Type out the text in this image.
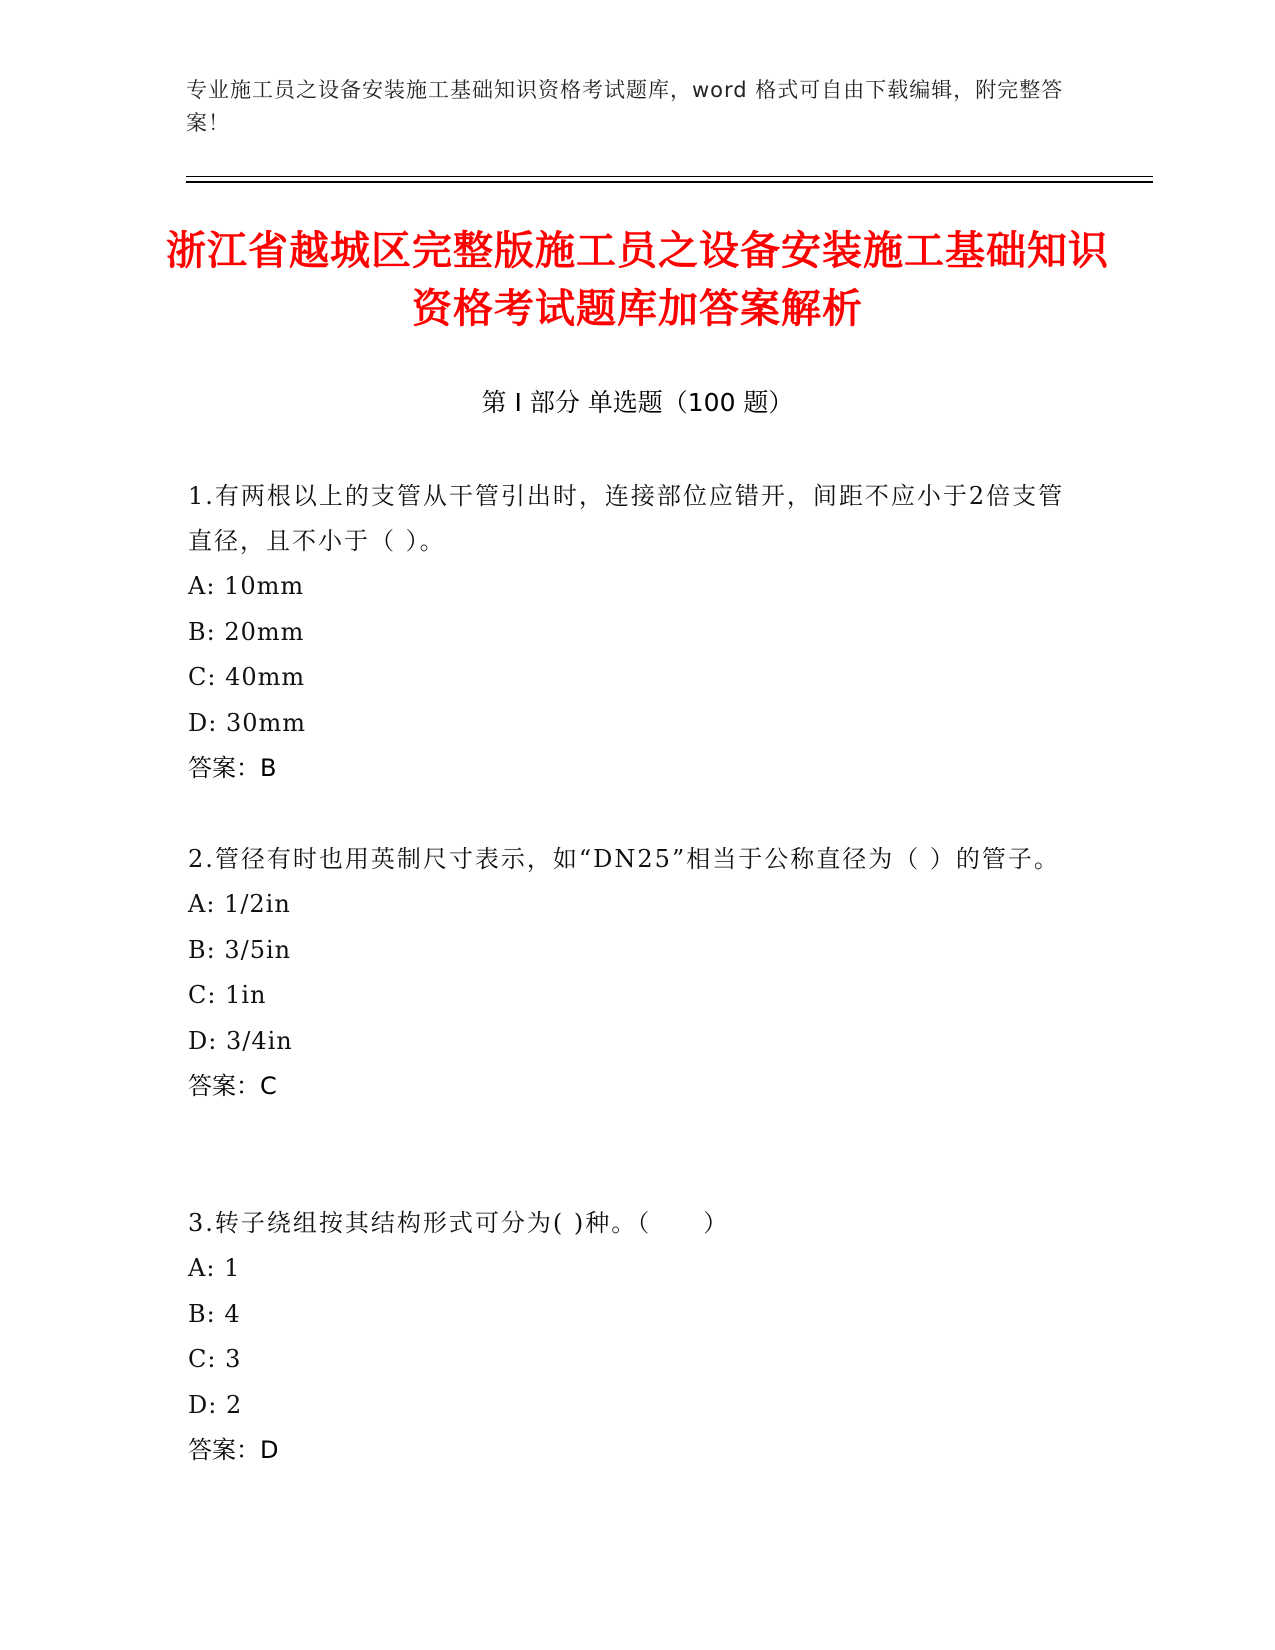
专业施工员之设备安装施工基础知识资格考试题库，word 格式可自由下载编辑，附完整答案！
浙江省越城区完整版施工员之设备安装施工基础知识资格考试题库加答案解析
第 I 部分 单选题（100 题）
1.有两根以上的支管从干管引出时，连接部位应错开，间距不应小于2倍支管直径，且不小于（ ）。
A: 10mm
B: 20mm
C: 40mm
D: 30mm
答案：B
2.管径有时也用英制尺寸表示，如“DN25”相当于公称直径为（ ）的管子。
A: 1/2in
B: 3/5in
C: 1in
D: 3/4in
答案：C
3.转子绕组按其结构形式可分为( )种。（　　）
A: 1
B: 4
C: 3
D: 2
答案：D
